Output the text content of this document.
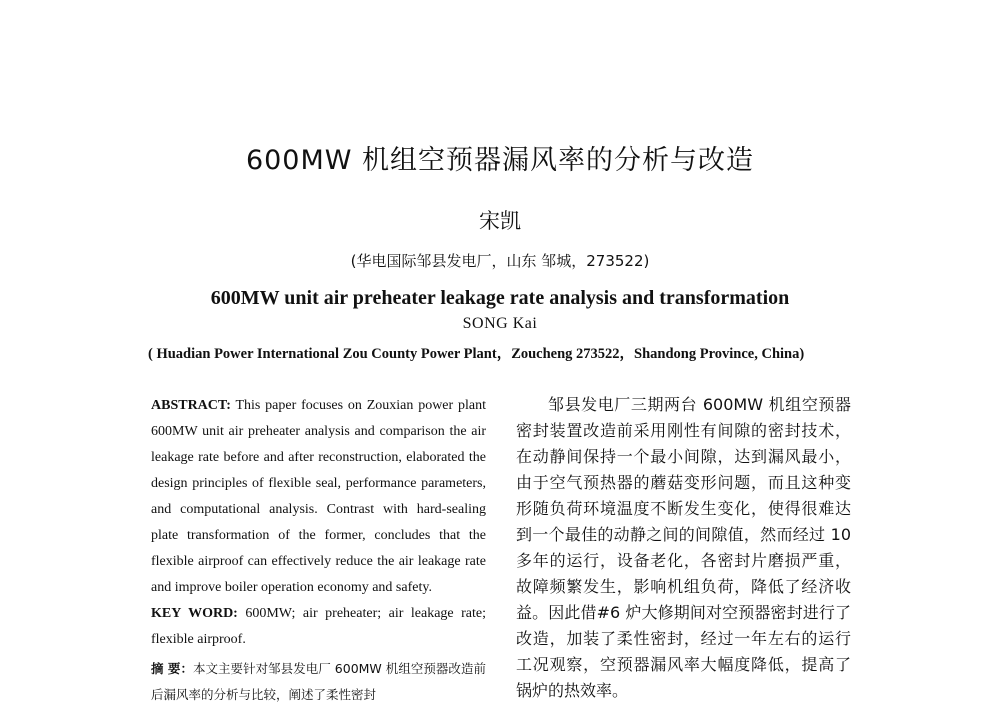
600MW 机组空预器漏风率的分析与改造
宋凯
(华电国际邹县发电厂，山东 邹城，273522)
600MW unit air preheater leakage rate analysis and transformation
SONG Kai
( Huadian Power International Zou County Power Plant，Zoucheng 273522，Shandong Province, China)

ABSTRACT: This paper focuses on Zouxian power plant 600MW unit air preheater analysis and comparison the air leakage rate before and after reconstruction, elaborated the design principles of flexible seal, performance parameters, and computational analysis. Contrast with hard-sealing plate transformation of the former, concludes that the flexible airproof can effectively reduce the air leakage rate and improve boiler operation economy and safety.

KEY WORD: 600MW; air preheater; air leakage rate; flexible airproof.

摘 要：本文主要针对邹县发电厂 600MW 机组空预器改造前后漏风率的分析与比较，阐述了柔性密封

邹县发电厂三期两台 600MW 机组空预器密封装置改造前采用刚性有间隙的密封技术，在动静间保持一个最小间隙，达到漏风最小，由于空气预热器的蘑菇变形问题，而且这种变形随负荷环境温度不断发生变化，使得很难达到一个最佳的动静之间的间隙值，然而经过 10 多年的运行，设备老化，各密封片磨损严重，故障频繁发生，影响机组负荷，降低了经济收益。因此借#6 炉大修期间对空预器密封进行了改造，加装了柔性密封，经过一年左右的运行工况观察，空预器漏风率大幅度降低，提高了锅炉的热效率。
